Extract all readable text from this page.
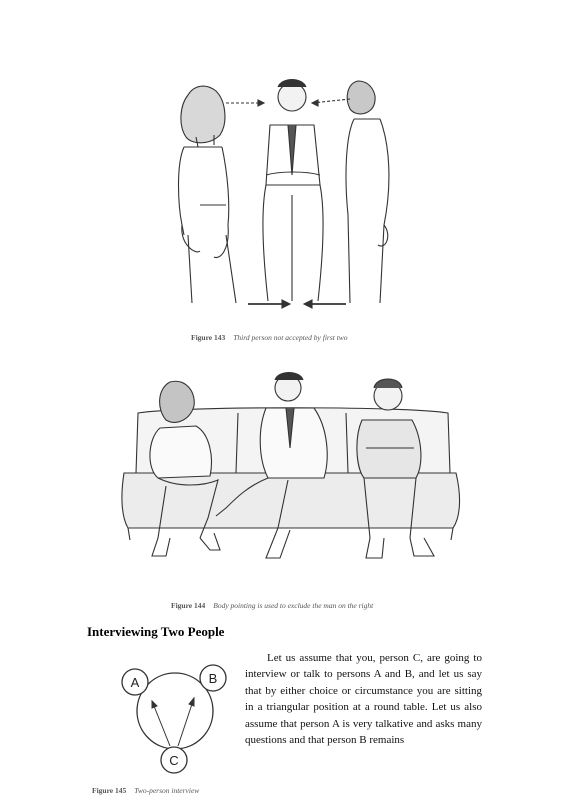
Figure 143 Third person not accepted by first two
Figure 144 Body pointing is used to exclude the man on the right
Interviewing Two People
A	B
C
Figure 145 Two-person interview

Let us assume that you, person C, are going to interview or talk to persons A and B, and let us say that by either choice or circumstance you are sitting in a triangular position at a round table. Let us also assume that person A is very talkative and asks many questions and that person B remains
